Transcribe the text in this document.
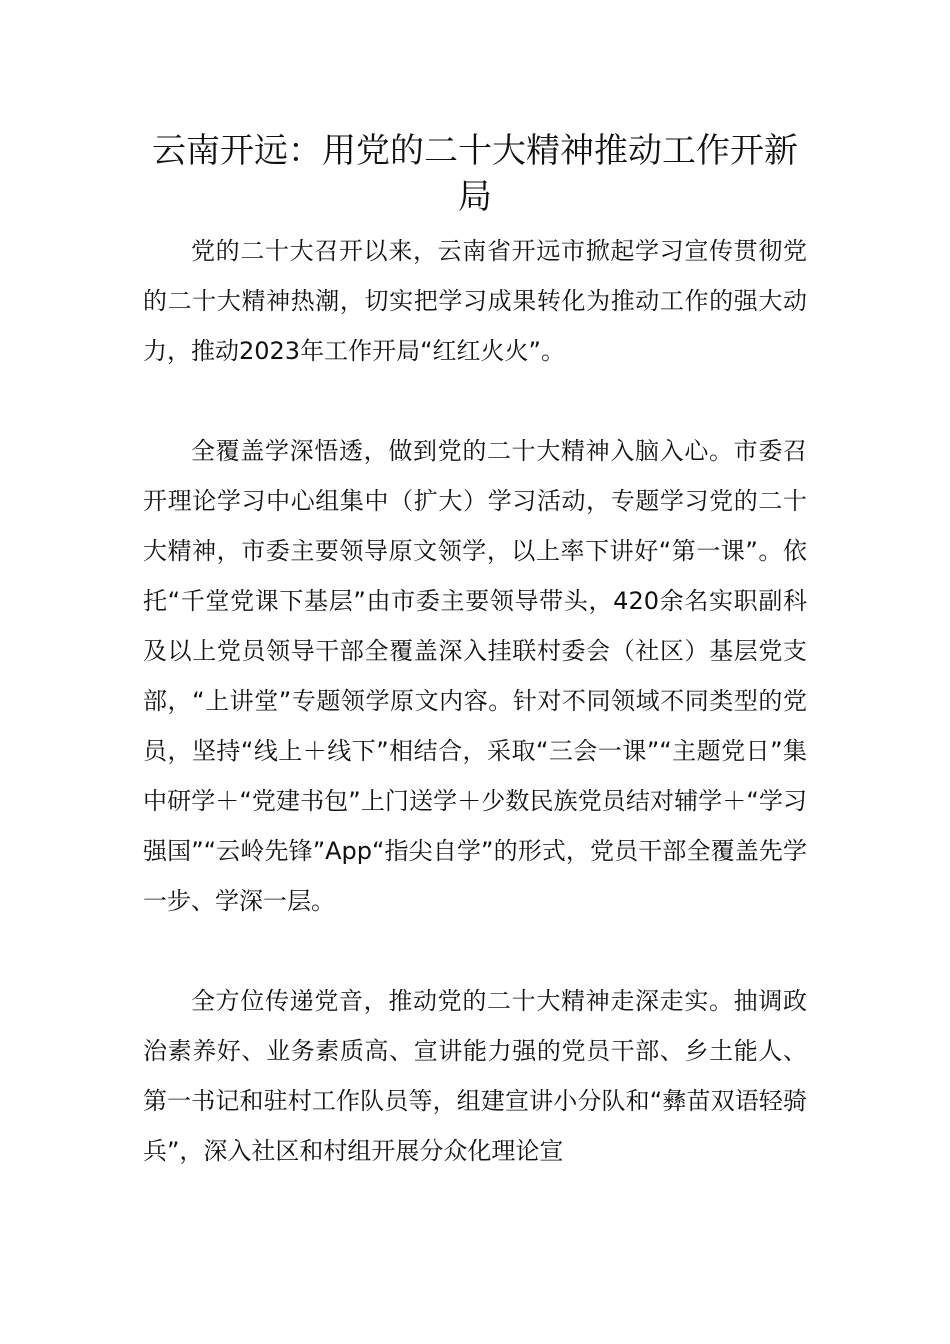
云南开远：用党的二十大精神推动工作开新局

党的二十大召开以来，云南省开远市掀起学习宣传贯彻党的二十大精神热潮，切实把学习成果转化为推动工作的强大动力，推动2023年工作开局“红红火火”。

全覆盖学深悟透，做到党的二十大精神入脑入心。市委召开理论学习中心组集中（扩大）学习活动，专题学习党的二十大精神，市委主要领导原文领学，以上率下讲好“第一课”。依托“千堂党课下基层”由市委主要领导带头，420余名实职副科及以上党员领导干部全覆盖深入挂联村委会（社区）基层党支部，“上讲堂”专题领学原文内容。针对不同领域不同类型的党员，坚持“线上＋线下”相结合，采取“三会一课”“主题党日”集中研学＋“党建书包”上门送学＋少数民族党员结对辅学＋“学习强国”“云岭先锋”App“指尖自学”的形式，党员干部全覆盖先学一步、学深一层。

全方位传递党音，推动党的二十大精神走深走实。抽调政治素养好、业务素质高、宣讲能力强的党员干部、乡土能人、第一书记和驻村工作队员等，组建宣讲小分队和“彝苗双语轻骑兵”，深入社区和村组开展分众化理论宣
